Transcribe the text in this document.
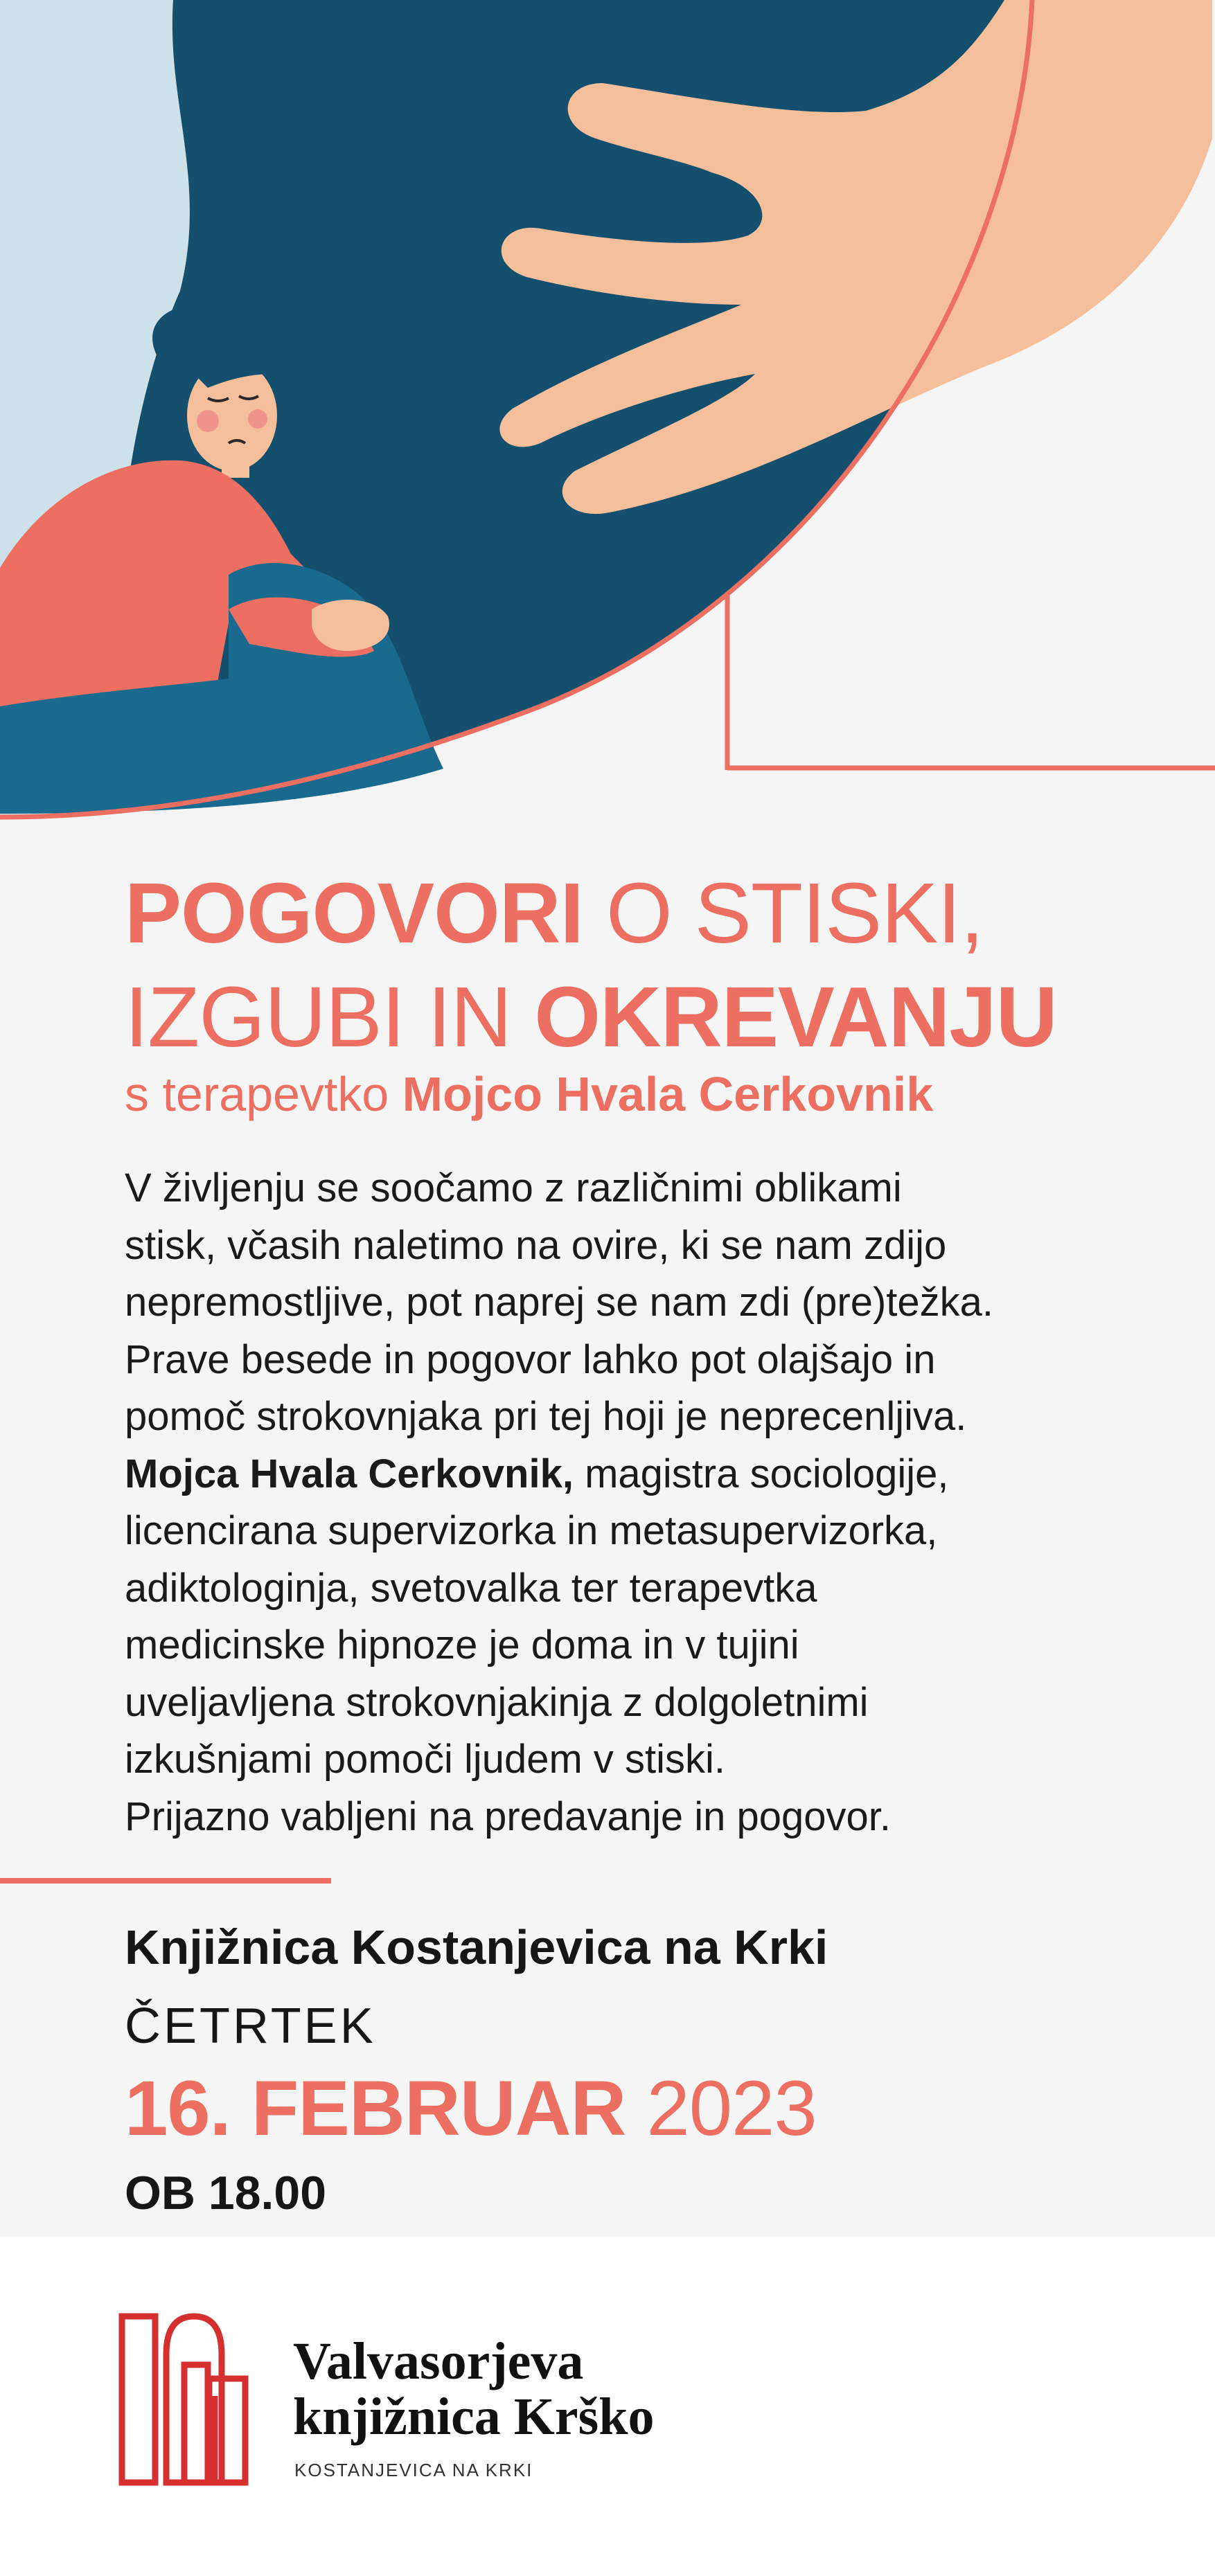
POGOVORI O STISKI,
IZGUBI IN OKREVANJU
s terapevtko Mojco Hvala Cerkovnik
V življenju se soočamo z različnimi oblikami
stisk, včasih naletimo na ovire, ki se nam zdijo
nepremostljive, pot naprej se nam zdi (pre)težka.
Prave besede in pogovor lahko pot olajšajo in
pomoč strokovnjaka pri tej hoji je neprecenljiva.
Mojca Hvala Cerkovnik, magistra sociologije,
licencirana supervizorka in metasupervizorka,
adiktologinja, svetovalka ter terapevtka
medicinske hipnoze je doma in v tujini
uveljavljena strokovnjakinja z dolgoletnimi
izkušnjami pomoči ljudem v stiski.
Prijazno vabljeni na predavanje in pogovor.
Knjižnica Kostanjevica na Krki
ČETRTEK
16. FEBRUAR 2023
OB 18.00
Valvasorjeva
knjižnica Krško
KOSTANJEVICA NA KRKI
